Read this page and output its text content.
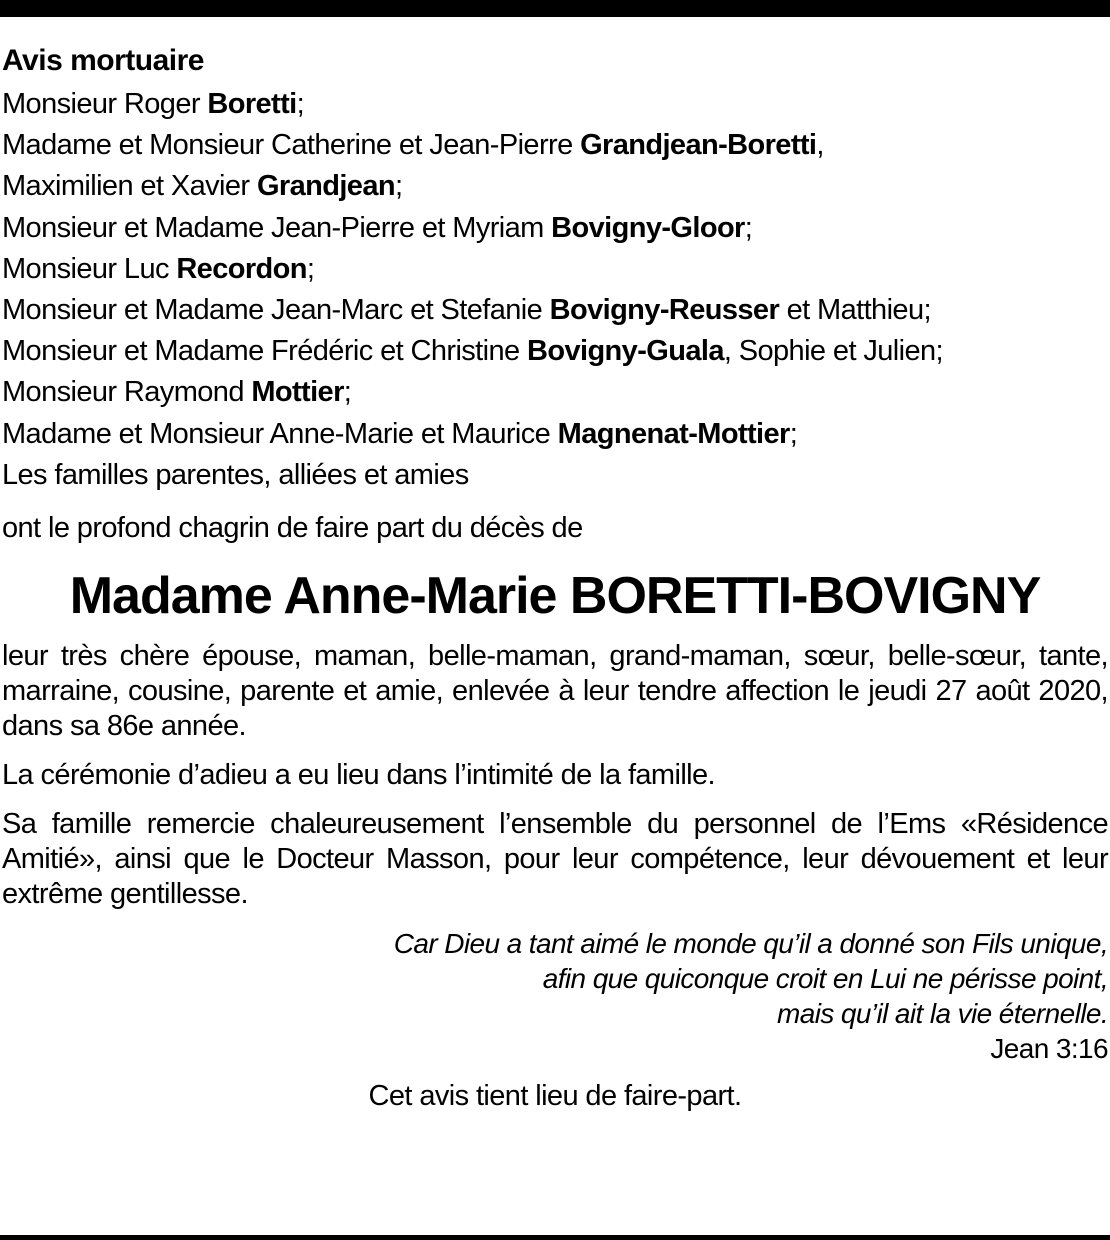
Avis mortuaire
Monsieur Roger Boretti;
Madame et Monsieur Catherine et Jean-Pierre Grandjean-Boretti,
Maximilien et Xavier Grandjean;
Monsieur et Madame Jean-Pierre et Myriam Bovigny-Gloor;
Monsieur Luc Recordon;
Monsieur et Madame Jean-Marc et Stefanie Bovigny-Reusser et Matthieu;
Monsieur et Madame Frédéric et Christine Bovigny-Guala, Sophie et Julien;
Monsieur Raymond Mottier;
Madame et Monsieur Anne-Marie et Maurice Magnenat-Mottier;
Les familles parentes, alliées et amies
ont le profond chagrin de faire part du décès de
Madame Anne-Marie BORETTI-BOVIGNY
leur très chère épouse, maman, belle-maman, grand-maman, sœur, belle-sœur, tante, marraine, cousine, parente et amie, enlevée à leur tendre affection le jeudi 27 août 2020, dans sa 86e année.
La cérémonie d’adieu a eu lieu dans l’intimité de la famille.
Sa famille remercie chaleureusement l’ensemble du personnel de l’Ems «Résidence Amitié», ainsi que le Docteur Masson, pour leur compétence, leur dévouement et leur extrême gentillesse.
Car Dieu a tant aimé le monde qu’il a donné son Fils unique,
afin que quiconque croit en Lui ne périsse point,
mais qu’il ait la vie éternelle.
Jean 3:16
Cet avis tient lieu de faire-part.
